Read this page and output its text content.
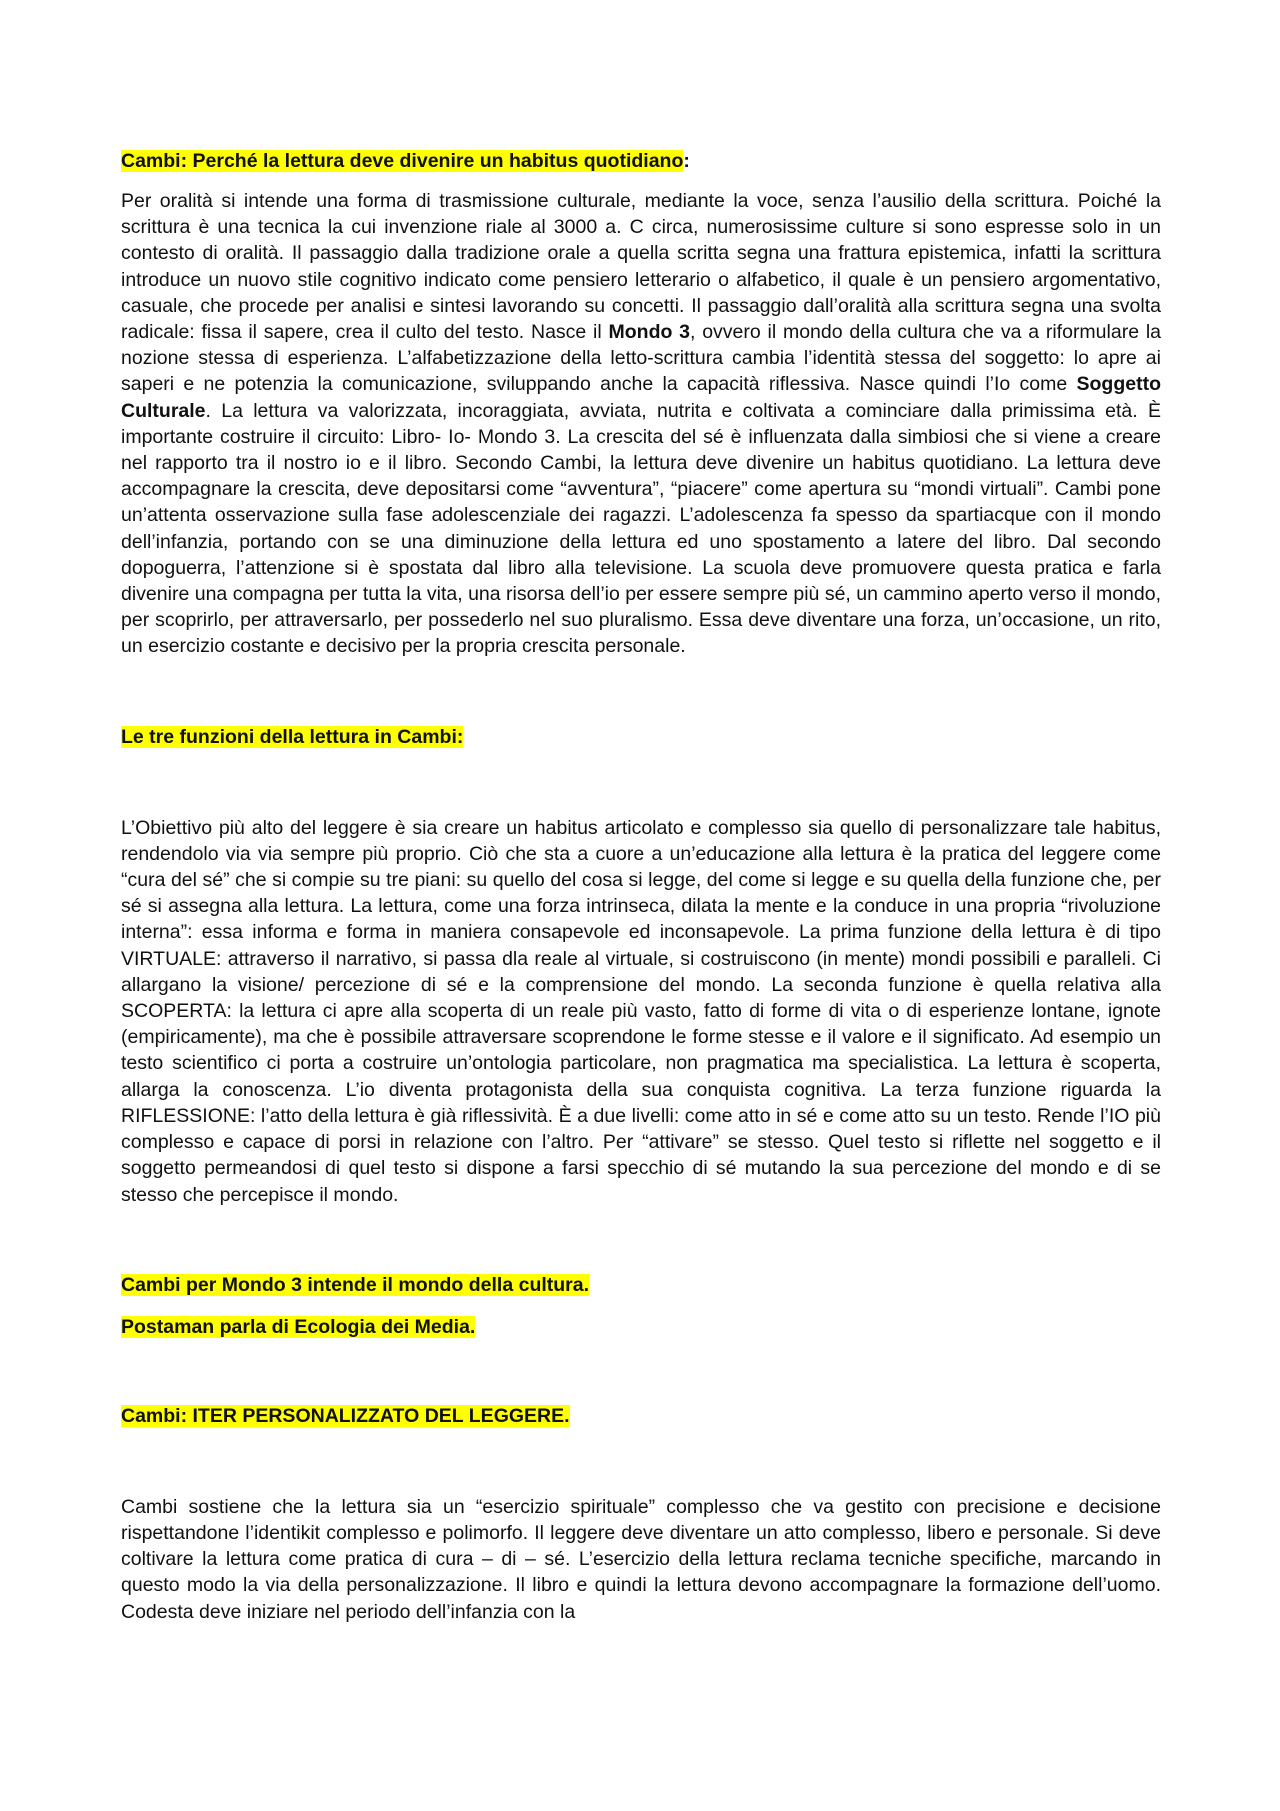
Cambi: Perché la lettura deve divenire un habitus quotidiano:

Per oralità si intende una forma di trasmissione culturale, mediante la voce, senza l’ausilio della scrittura. Poiché la scrittura è una tecnica la cui invenzione riale al 3000 a. C circa, numerosissime culture si sono espresse solo in un contesto di oralità. Il passaggio dalla tradizione orale a quella scritta segna una frattura epistemica, infatti la scrittura introduce un nuovo stile cognitivo indicato come pensiero letterario o alfabetico, il quale è un pensiero argomentativo, casuale, che procede per analisi e sintesi lavorando su concetti. Il passaggio dall’oralità alla scrittura segna una svolta radicale: fissa il sapere, crea il culto del testo. Nasce il Mondo 3, ovvero il mondo della cultura che va a riformulare la nozione stessa di esperienza. L’alfabetizzazione della letto-scrittura cambia l’identità stessa del soggetto: lo apre ai saperi e ne potenzia la comunicazione, sviluppando anche la capacità riflessiva. Nasce quindi l’Io come Soggetto Culturale. La lettura va valorizzata, incoraggiata, avviata, nutrita e coltivata a cominciare dalla primissima età. È importante costruire il circuito: Libro- Io- Mondo 3. La crescita del sé è influenzata dalla simbiosi che si viene a creare nel rapporto tra il nostro io e il libro. Secondo Cambi, la lettura deve divenire un habitus quotidiano. La lettura deve accompagnare la crescita, deve depositarsi come “avventura”, “piacere” come apertura su “mondi virtuali”. Cambi pone un’attenta osservazione sulla fase adolescenziale dei ragazzi. L’adolescenza fa spesso da spartiacque con il mondo dell’infanzia, portando con se una diminuzione della lettura ed uno spostamento a latere del libro. Dal secondo dopoguerra, l’attenzione si è spostata dal libro alla televisione. La scuola deve promuovere questa pratica e farla divenire una compagna per tutta la vita, una risorsa dell’io per essere sempre più sé, un cammino aperto verso il mondo, per scoprirlo, per attraversarlo, per possederlo nel suo pluralismo. Essa deve diventare una forza, un’occasione, un rito, un esercizio costante e decisivo per la propria crescita personale.

Le tre funzioni della lettura in Cambi:

L’Obiettivo più alto del leggere è sia creare un habitus articolato e complesso sia quello di personalizzare tale habitus, rendendolo via via sempre più proprio. Ciò che sta a cuore a un’educazione alla lettura è la pratica del leggere come “cura del sé” che si compie su tre piani: su quello del cosa si legge, del come si legge e su quella della funzione che, per sé si assegna alla lettura. La lettura, come una forza intrinseca, dilata la mente e la conduce in una propria “rivoluzione interna”: essa informa e forma in maniera consapevole ed inconsapevole. La prima funzione della lettura è di tipo VIRTUALE: attraverso il narrativo, si passa dla reale al virtuale, si costruiscono (in mente) mondi possibili e paralleli. Ci allargano la visione/ percezione di sé e la comprensione del mondo. La seconda funzione è quella relativa alla SCOPERTA: la lettura ci apre alla scoperta di un reale più vasto, fatto di forme di vita o di esperienze lontane, ignote (empiricamente), ma che è possibile attraversare scoprendone le forme stesse e il valore e il significato. Ad esempio un testo scientifico ci porta a costruire un’ontologia particolare, non pragmatica ma specialistica. La lettura è scoperta, allarga la conoscenza. L’io diventa protagonista della sua conquista cognitiva. La terza funzione riguarda la RIFLESSIONE: l’atto della lettura è già riflessività. È a due livelli: come atto in sé e come atto su un testo. Rende l’IO più complesso e capace di porsi in relazione con l’altro. Per “attivare” se stesso. Quel testo si riflette nel soggetto e il soggetto permeandosi di quel testo si dispone a farsi specchio di sé mutando la sua percezione del mondo e di se stesso che percepisce il mondo.

Cambi per Mondo 3 intende il mondo della cultura.

Postaman parla di Ecologia dei Media.

Cambi: ITER PERSONALIZZATO DEL LEGGERE.

Cambi sostiene che la lettura sia un “esercizio spirituale” complesso che va gestito con precisione e decisione rispettandone l’identikit complesso e polimorfo. Il leggere deve diventare un atto complesso, libero e personale. Si deve coltivare la lettura come pratica di cura – di – sé. L’esercizio della lettura reclama tecniche specifiche, marcando in questo modo la via della personalizzazione. Il libro e quindi la lettura devono accompagnare la formazione dell’uomo. Codesta deve iniziare nel periodo dell’infanzia con la
